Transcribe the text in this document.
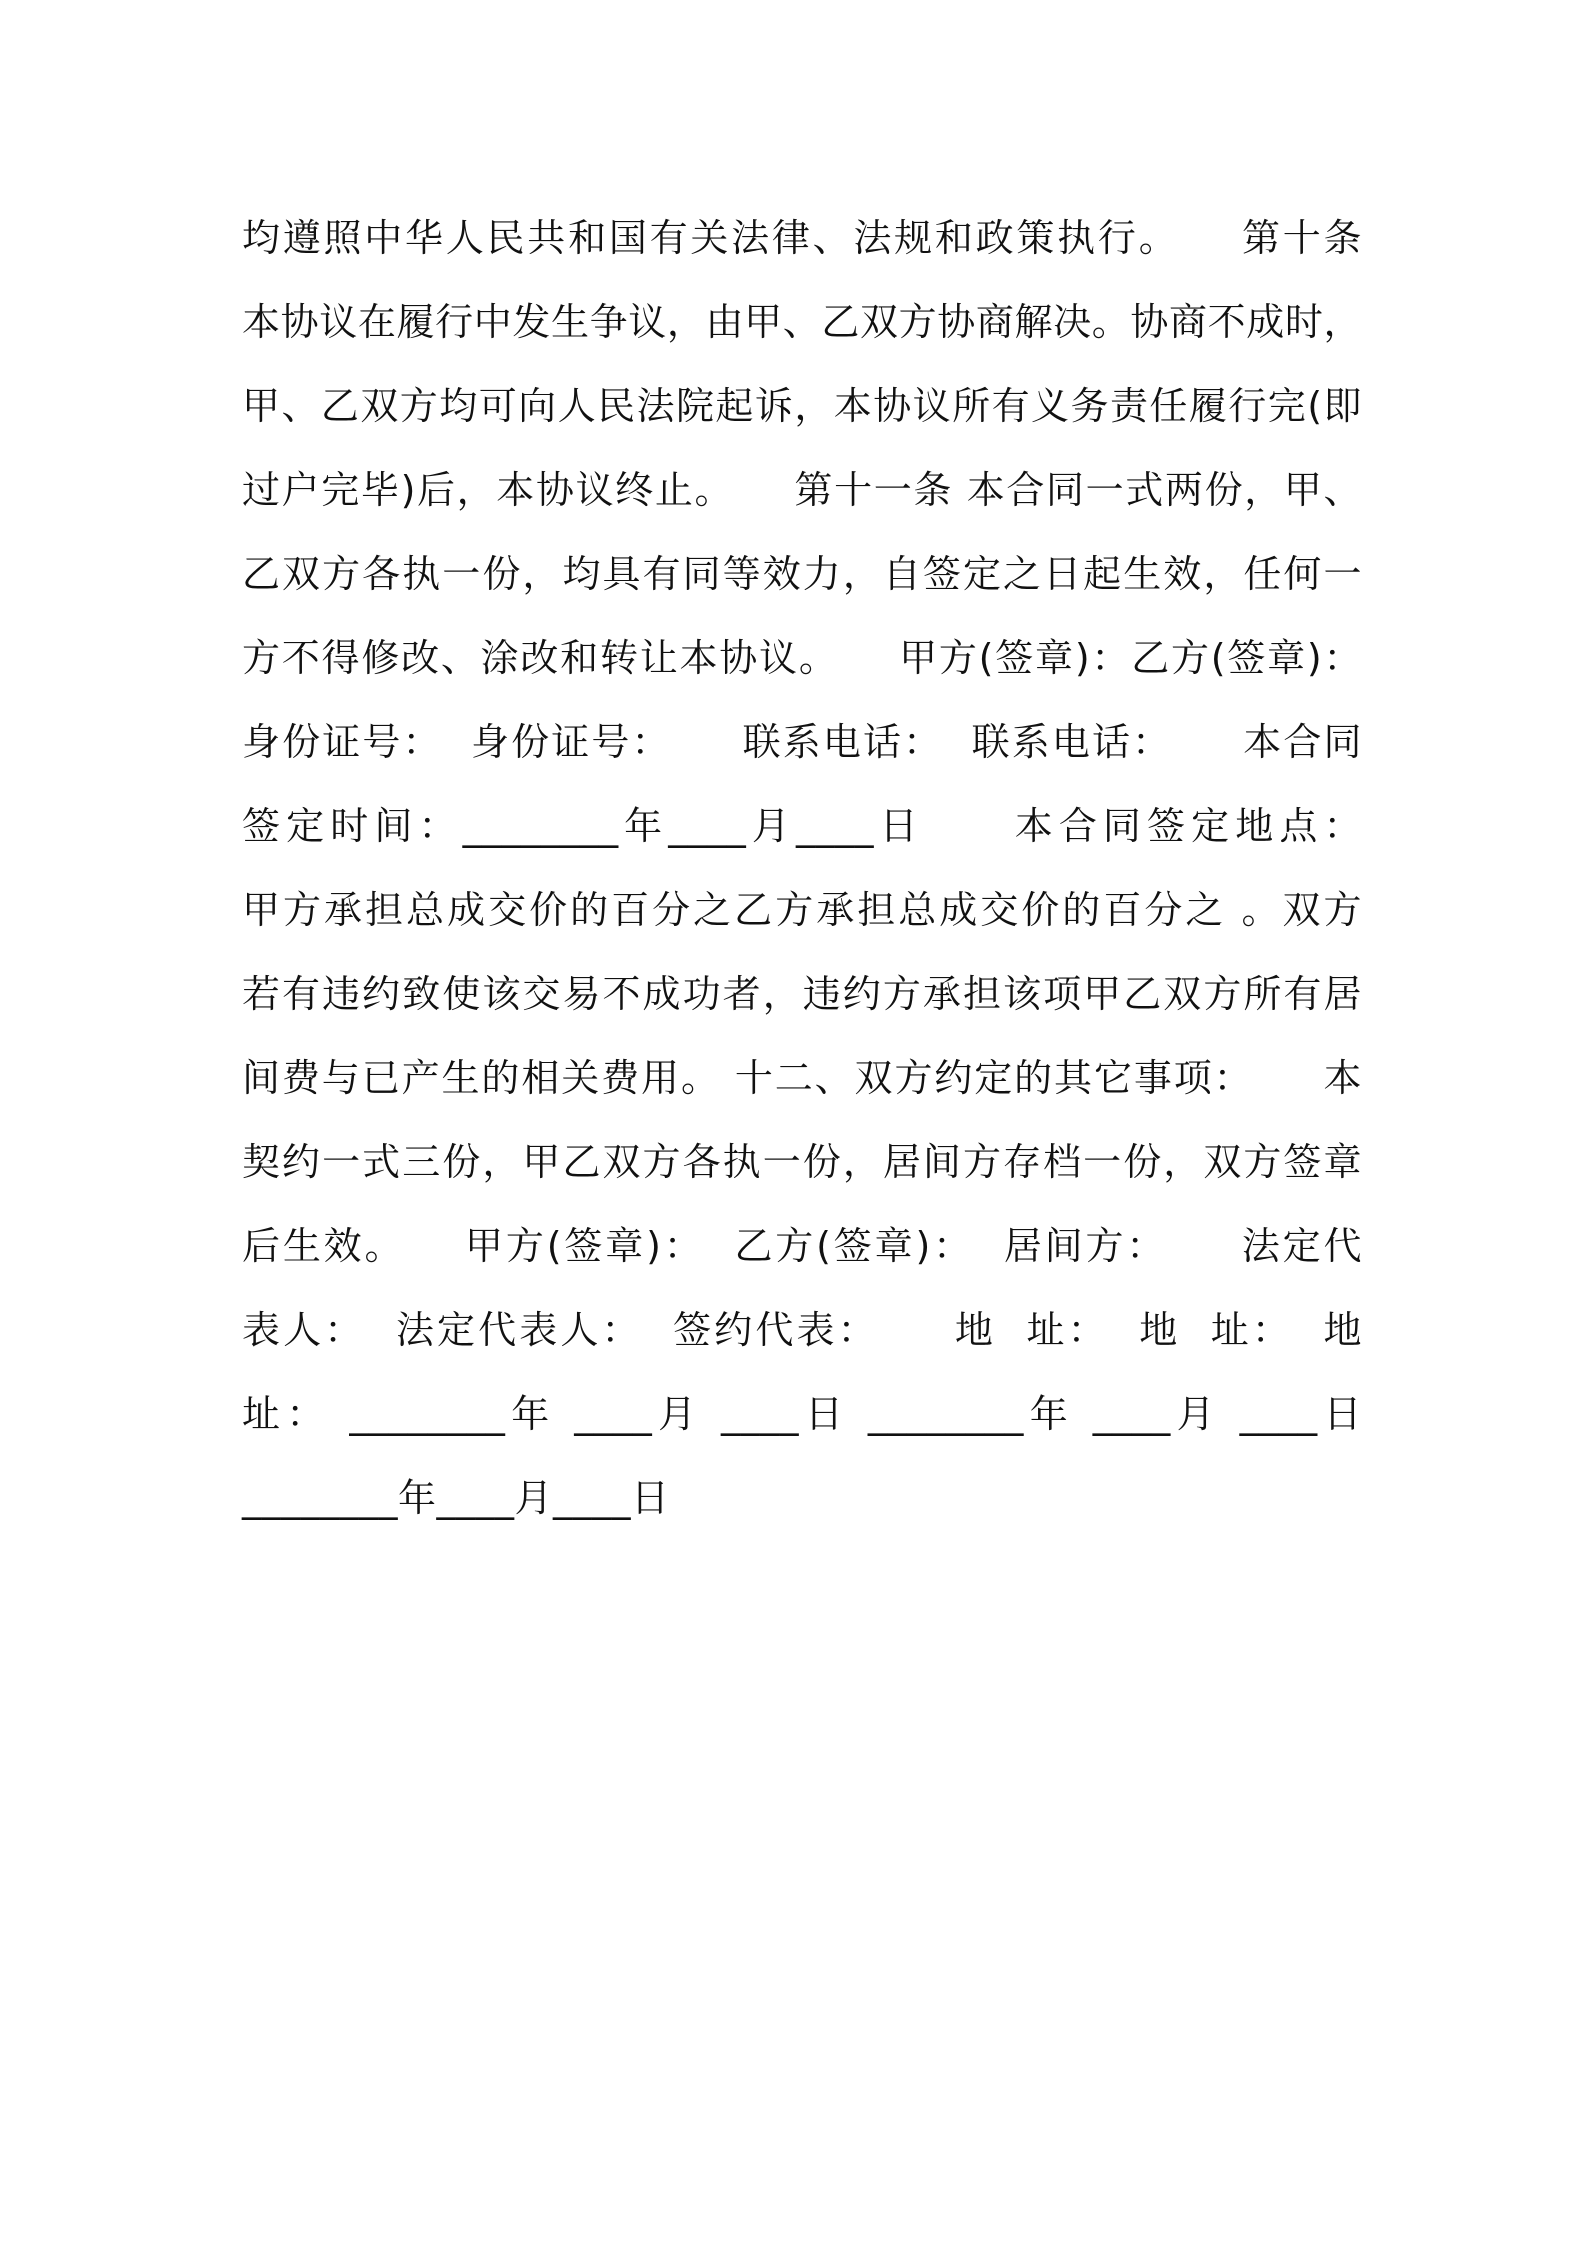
均遵照中华人民共和国有关法律、法规和政策执行。　　第十条
本协议在履行中发生争议，由甲、乙双方协商解决。协商不成时，
甲、乙双方均可向人民法院起诉，本协议所有义务责任履行完(即
过户完毕)后，本协议终止。　　第十一条 本合同一式两份，甲、
乙双方各执一份，均具有同等效力，自签定之日起生效，任何一
方不得修改、涂改和转让本协议。　　甲方(签章)：乙方(签章)：
身份证号：  身份证号：     联系电话：  联系电话：     本合同
签定时间：________年____月____日     本合同签定地点：
甲方承担总成交价的百分之乙方承担总成交价的百分之 。双方
若有违约致使该交易不成功者，违约方承担该项甲乙双方所有居
间费与已产生的相关费用。 十二、双方约定的其它事项：     本
契约一式三份，甲乙双方各执一份，居间方存档一份，双方签章
后生效。    甲方(签章)：  乙方(签章)：  居间方：     法定代
表人：  法定代表人：  签约代表：     地  址：  地  址：  地
址： ________年 ____月 ____日 ________年 ____月 ____日
________年____月____日
